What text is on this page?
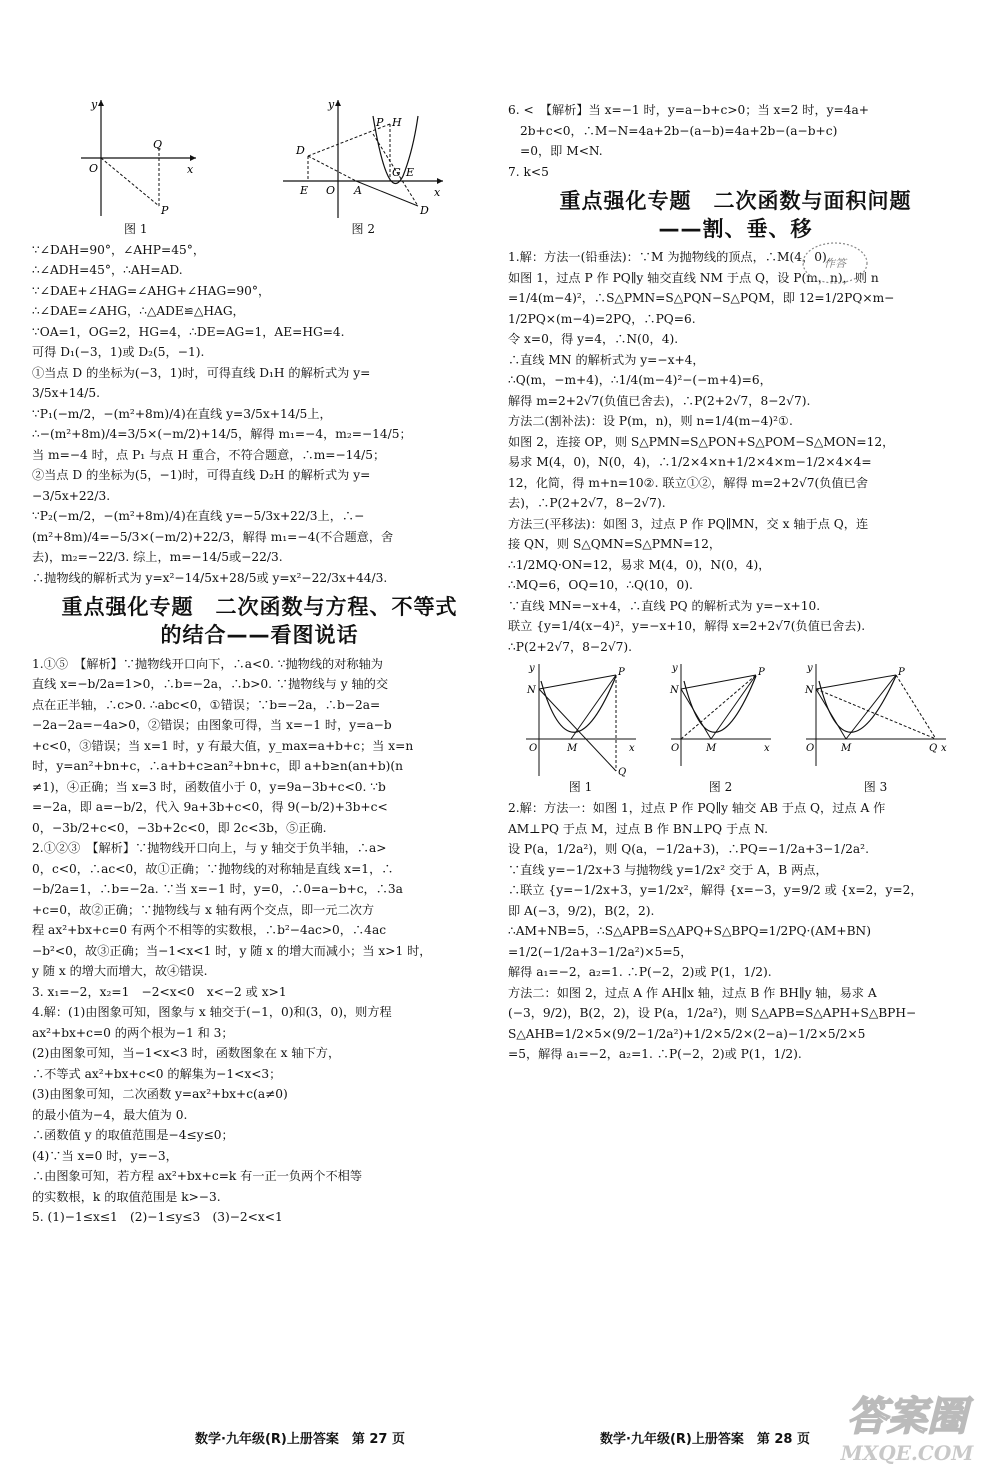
y
O
Q
x
P
图 1
y
P H
D
G E
E O A
D
x
图 2
∵∠DAH=90°，∠AHP=45°，
∴∠ADH=45°，∴AH=AD.
∵∠DAE+∠HAG=∠AHG+∠HAG=90°，
∴∠DAE=∠AHG，∴△ADE≌△HAG，
∵OA=1，OG=2，HG=4，∴DE=AG=1，AE=HG=4.
可得 D₁(−3，1)或 D₂(5，−1).
①当点 D 的坐标为(−3，1)时，可得直线 D₁H 的解析式为 y=
3/5x+14/5.
∵P₁(−m/2，−(m²+8m)/4)在直线 y=3/5x+14/5上，
∴−(m²+8m)/4=3/5×(−m/2)+14/5，解得 m₁=−4，m₂=−14/5；
当 m=−4 时，点 P₁ 与点 H 重合，不符合题意，∴m=−14/5；
②当点 D 的坐标为(5，−1)时，可得直线 D₂H 的解析式为 y=
−3/5x+22/3.
∵P₂(−m/2，−(m²+8m)/4)在直线 y=−5/3x+22/3上，∴−
(m²+8m)/4=−5/3×(−m/2)+22/3，解得 m₁=−4(不合题意，舍
去)，m₂=−22/3. 综上，m=−14/5或−22/3.
∴抛物线的解析式为 y=x²−14/5x+28/5或 y=x²−22/3x+44/3.
重点强化专题　二次函数与方程、不等式
的结合——看图说话
1.①⑤　【解析】∵抛物线开口向下，∴a<0. ∵抛物线的对称轴为
直线 x=−b/2a=1>0，∴b=−2a，∴b>0. ∵抛物线与 y 轴的交
点在正半轴，∴c>0. ∴abc<0，①错误；∵b=−2a，∴b−2a=
−2a−2a=−4a>0，②错误；由图象可得，当 x=−1 时，y=a−b
+c<0，③错误；当 x=1 时，y 有最大值，y_max=a+b+c；当 x=n
时，y=an²+bn+c，∴a+b+c≥an²+bn+c，即 a+b≥n(an+b)(n
≠1)，④正确；当 x=3 时，函数值小于 0，y=9a−3b+c<0. ∵b
=−2a，即 a=−b/2，代入 9a+3b+c<0，得 9(−b/2)+3b+c<
0，−3b/2+c<0，−3b+2c<0，即 2c<3b，⑤正确.
2.①②③　【解析】∵抛物线开口向上，与 y 轴交于负半轴，∴a>
0，c<0，∴ac<0，故①正确；∵抛物线的对称轴是直线 x=1，∴
−b/2a=1，∴b=−2a. ∵当 x=−1 时，y=0，∴0=a−b+c，∴3a
+c=0，故②正确；∵抛物线与 x 轴有两个交点，即一元二次方
程 ax²+bx+c=0 有两个不相等的实数根，∴b²−4ac>0，∴4ac
−b²<0，故③正确；当−1<x<1 时，y 随 x 的增大而减小；当 x>1 时，
y 随 x 的增大而增大，故④错误.
3. x₁=−2，x₂=1　−2<x<0　x<−2 或 x>1
4.解：(1)由图象可知，图象与 x 轴交于(−1，0)和(3，0)，则方程
ax²+bx+c=0 的两个根为−1 和 3；
(2)由图象可知，当−1<x<3 时，函数图象在 x 轴下方，
∴不等式 ax²+bx+c<0 的解集为−1<x<3；
(3)由图象可知，二次函数 y=ax²+bx+c(a≠0)
的最小值为−4，最大值为 0.
∴函数值 y 的取值范围是−4≤y≤0；
(4)∵当 x=0 时，y=−3，
∴由图象可知，若方程 ax²+bx+c=k 有一正一负两个不相等
的实数根，k 的取值范围是 k>−3.
5. (1)−1≤x≤1　(2)−1≤y≤3　(3)−2<x<1
6. <　【解析】当 x=−1 时，y=a−b+c>0；当 x=2 时，y=4a+
2b+c<0，∴M−N=4a+2b−(a−b)=4a+2b−(a−b+c)
=0，即 M<N.
7. k<5
重点强化专题　二次函数与面积问题
——割、垂、移
1.解：方法一(铅垂法)：∵M 为抛物线的顶点，∴M(4，0).
如图 1，过点 P 作 PQ∥y 轴交直线 NM 于点 Q，设 P(m，n)，则 n
=1/4(m−4)²，∴S△PMN=S△PQN−S△PQM，即 12=1/2PQ×m−
1/2PQ×(m−4)=2PQ，∴PQ=6.
令 x=0，得 y=4，∴N(0，4).
∴直线 MN 的解析式为 y=−x+4，
∴Q(m，−m+4)，∴1/4(m−4)²−(−m+4)=6，
解得 m=2+2√7(负值已舍去)，∴P(2+2√7，8−2√7).
方法二(割补法)：设 P(m，n)，则 n=1/4(m−4)²①.
如图 2，连接 OP，则 S△PMN=S△PON+S△POM−S△MON=12，
易求 M(4，0)，N(0，4)，∴1/2×4×n+1/2×4×m−1/2×4×4=
12，化简，得 m+n=10②. 联立①②，解得 m=2+2√7(负值已舍
去)，∴P(2+2√7，8−2√7).
方法三(平移法)：如图 3，过点 P 作 PQ∥MN，交 x 轴于点 Q，连
接 QN，则 S△QMN=S△PMN=12，
∴1/2MQ·ON=12，易求 M(4，0)，N(0，4)，
∴MQ=6，OQ=10，∴Q(10，0).
∵直线 MN=−x+4，∴直线 PQ 的解析式为 y=−x+10.
联立 {y=1/4(x−4)²，y=−x+10，解得 x=2+2√7(负值已舍去).
∴P(2+2√7，8−2√7).
y
N
P
O	M	x
Q
图 1
y
N
P
O	M	x
图 2
y
N
P
O	M	Q x
图 3
2.解：方法一：如图 1，过点 P 作 PQ∥y 轴交 AB 于点 Q，过点 A 作
AM⊥PQ 于点 M，过点 B 作 BN⊥PQ 于点 N.
设 P(a，1/2a²)，则 Q(a，−1/2a+3)，∴PQ=−1/2a+3−1/2a².
∵直线 y=−1/2x+3 与抛物线 y=1/2x² 交于 A，B 两点，
∴联立 {y=−1/2x+3，y=1/2x²，解得 {x=−3，y=9/2 或 {x=2，y=2，
即 A(−3，9/2)，B(2，2).
∴AM+NB=5，∴S△APB=S△APQ+S△BPQ=1/2PQ·(AM+BN)
=1/2(−1/2a+3−1/2a²)×5=5，
解得 a₁=−2，a₂=1. ∴P(−2，2)或 P(1，1/2).
方法二：如图 2，过点 A 作 AH∥x 轴，过点 B 作 BH∥y 轴，易求 A
(−3，9/2)，B(2，2)，设 P(a，1/2a²)，则 S△APB=S△APH+S△BPH−
S△AHB=1/2×5×(9/2−1/2a²)+1/2×5/2×(2−a)−1/2×5/2×5
=5，解得 a₁=−2，a₂=1. ∴P(−2，2)或 P(1，1/2).
作答
数学·九年级(R)上册答案　第 27 页	数学·九年级(R)上册答案　第 28 页 答案圈
MXQE.COM
